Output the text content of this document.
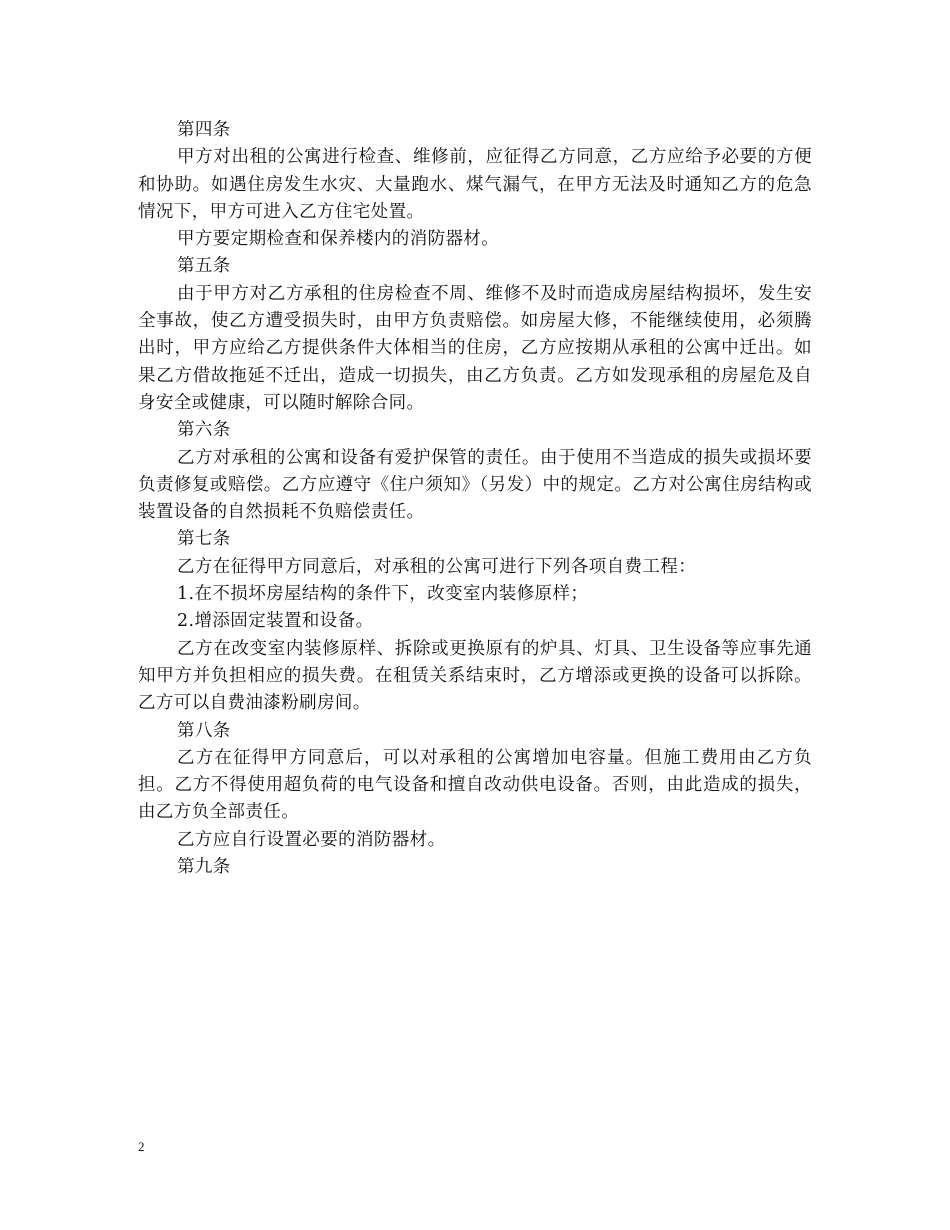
第四条

甲方对出租的公寓进行检查、维修前，应征得乙方同意，乙方应给予必要的方便和协助。如遇住房发生水灾、大量跑水、煤气漏气，在甲方无法及时通知乙方的危急情况下，甲方可进入乙方住宅处置。

甲方要定期检查和保养楼内的消防器材。

第五条

由于甲方对乙方承租的住房检查不周、维修不及时而造成房屋结构损坏，发生安全事故，使乙方遭受损失时，由甲方负责赔偿。如房屋大修，不能继续使用，必须腾出时，甲方应给乙方提供条件大体相当的住房，乙方应按期从承租的公寓中迁出。如果乙方借故拖延不迁出，造成一切损失，由乙方负责。乙方如发现承租的房屋危及自身安全或健康，可以随时解除合同。

第六条

乙方对承租的公寓和设备有爱护保管的责任。由于使用不当造成的损失或损坏要负责修复或赔偿。乙方应遵守《住户须知》（另发）中的规定。乙方对公寓住房结构或装置设备的自然损耗不负赔偿责任。

第七条

乙方在征得甲方同意后，对承租的公寓可进行下列各项自费工程：

1.在不损坏房屋结构的条件下，改变室内装修原样；

2.增添固定装置和设备。

乙方在改变室内装修原样、拆除或更换原有的炉具、灯具、卫生设备等应事先通知甲方并负担相应的损失费。在租赁关系结束时，乙方增添或更换的设备可以拆除。乙方可以自费油漆粉刷房间。

第八条

乙方在征得甲方同意后，可以对承租的公寓增加电容量。但施工费用由乙方负担。乙方不得使用超负荷的电气设备和擅自改动供电设备。否则，由此造成的损失，由乙方负全部责任。

乙方应自行设置必要的消防器材。

第九条

2
